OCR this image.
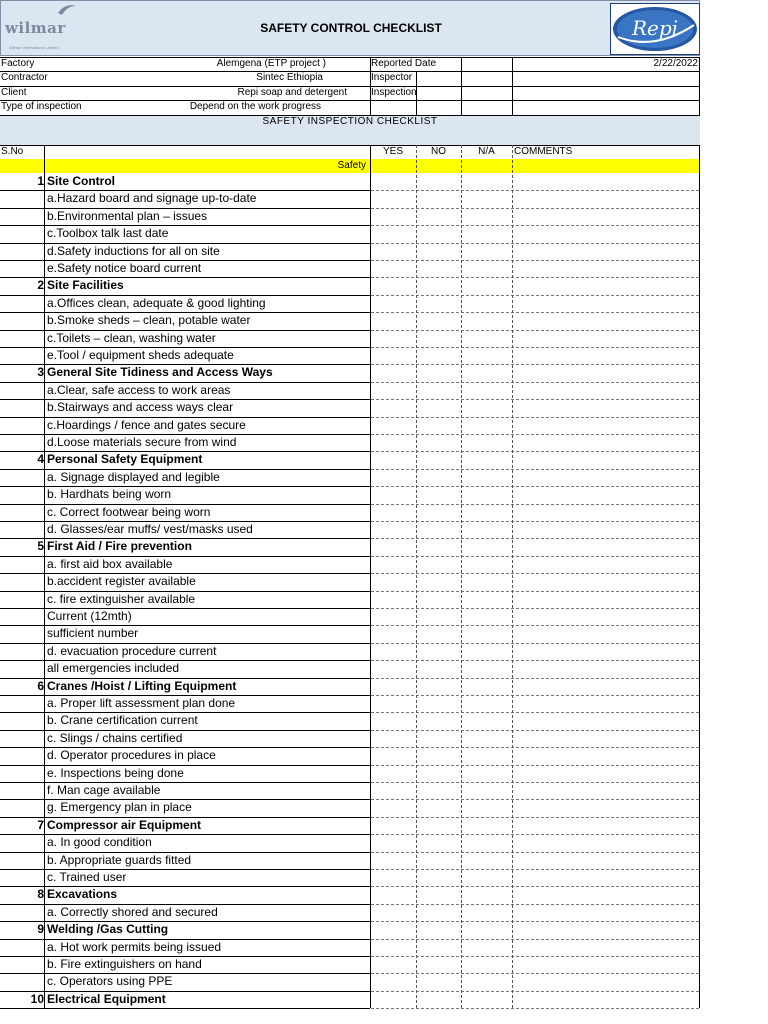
wilmar
Wilmar International Limited
SAFETY CONTROL CHECKLIST	Repi
Factory	Alemgena (ETP project )
Contractor	Sintec Ethiopia
Client	Repi soap and detergent
Type of inspection	Depend on the work progress
Reported Date	2/22/2022
Inspector
Inspection
SAFETY INSPECTION CHECKLIST
S.No	YES	NO	N/A	COMMENTS
Safety
1 Site Control
a.Hazard board and signage up-to-date
b.Environmental plan – issues
c.Toolbox talk last date
d.Safety inductions for all on site
e.Safety notice board current
2 Site Facilities
a.Offices clean, adequate & good lighting
b.Smoke sheds – clean, potable water
c.Toilets – clean, washing water
e.Tool / equipment sheds adequate
3 General Site Tidiness and Access Ways
a.Clear, safe access to work areas
b.Stairways and access ways clear
c.Hoardings / fence and gates secure
d.Loose materials secure from wind
4 Personal Safety Equipment
a. Signage displayed and legible
b. Hardhats being worn
c. Correct footwear being worn
d. Glasses/ear muffs/ vest/masks used
5 First Aid / Fire prevention
a. first aid box available
b.accident register available
c. fire extinguisher available
Current (12mth)
sufficient number
d. evacuation procedure current
all emergencies included
6 Cranes /Hoist / Lifting Equipment
a. Proper lift assessment plan done
b. Crane certification current
c. Slings / chains certified
d. Operator procedures in place
e. Inspections being done
f. Man cage available
g. Emergency plan in place
7 Compressor air Equipment
a. In good condition
b. Appropriate guards fitted
c. Trained user
8 Excavations
a. Correctly shored and secured
9 Welding /Gas Cutting
a. Hot work permits being issued
b. Fire extinguishers on hand
c. Operators using PPE
10 Electrical Equipment
